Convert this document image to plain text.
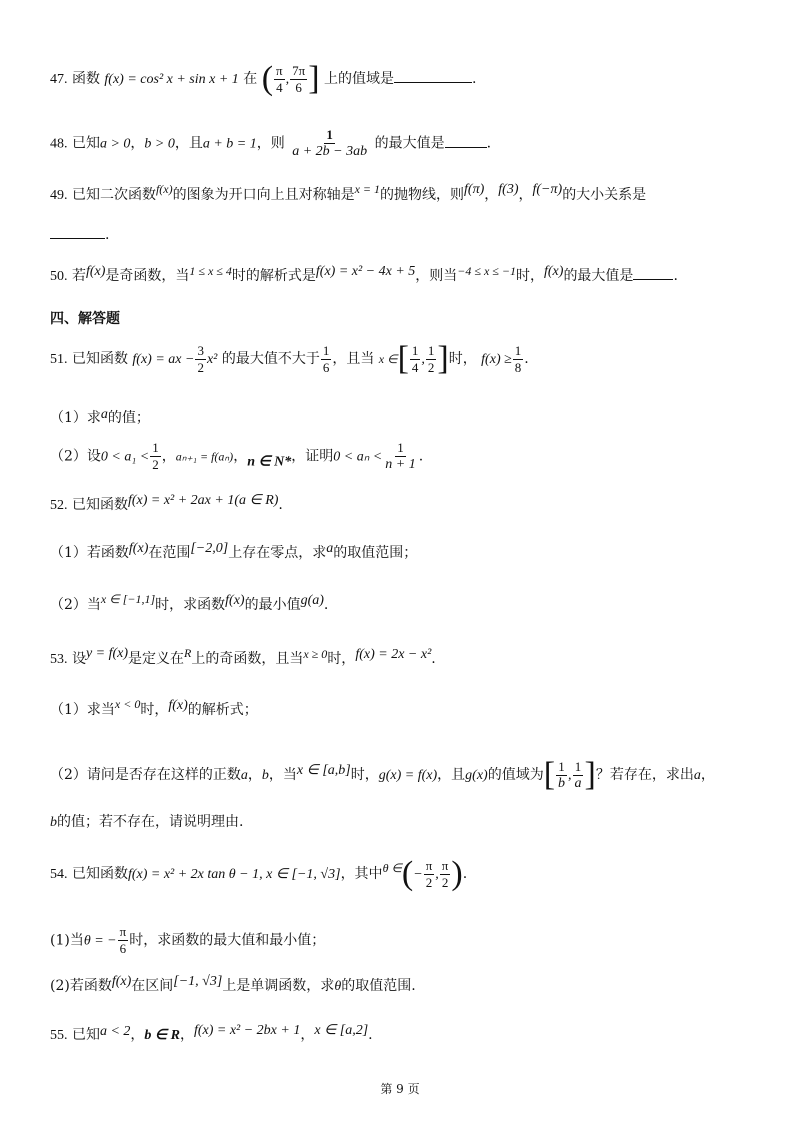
47. 函数 f(x) = cos² x + sin x + 1 在 ( $\frac{\pi}{4}$ , $\frac{7\pi}{6}$ ] 上的值域是	.
48. 已知a > 0，b > 0，且a + b = 1，则 $\frac{1}{a + 2b - 3ab}$ 的最大值是	.
49. 已知二次函数f(x)的图象为开口向上且对称轴是x = 1的抛物线，则f(π)，f(3)，f(−π)的大小关系是
.
50. 若f(x)是奇函数，当1 ≤ x ≤ 4时的解析式是f(x) = x² − 4x + 5，则当−4 ≤ x ≤ −1时，f(x)的最大值是	.
四、解答题
51. 已知函数 f(x) = ax − $\frac{3}{2} x^2$ 的最大值不大于 $\frac{1}{6}$ ，且当 x ∈[ $\frac{1}{4}$ , $\frac{1}{2}$ ]时， $f(x) \ge \frac{1}{8}$ .
（1）求a的值；
（2）设$0 < a_1 < \frac{1}{2}$ ，aₙ₊₁ = f(aₙ)，n ∈ N*，证明$0 < a_n < \frac{1}{n + 1}$ .
52. 已知函数f(x) = x² + 2ax + 1(a ∈ R).
（1）若函数f(x)在范围[−2,0]上存在零点，求a的取值范围；
（2）当x ∈ [−1,1]时，求函数f(x)的最小值g(a).
53. 设y = f(x)是定义在R上的奇函数，且当x ≥ 0时，f(x) = 2x − x².
（1）求当x < 0时，f(x)的解析式；
（2）请问是否存在这样的正数a，b，当x ∈ [a,b]时，g(x) = f(x)，且g(x)的值域为[ $\frac{1}{b}$ , $\frac{1}{a}$ ]？若存在，求出a，
b的值；若不存在，请说明理由.
54. 已知函数f(x) = x² + 2x tan θ − 1, x ∈ [−1, √3]，其中θ ∈(− $\frac{\pi}{2}$ , $\frac{\pi}{2}$ ).
(1)当θ = − $\frac{\pi}{6}$ 时，求函数的最大值和最小值；
(2)若函数f(x)在区间[−1, √3]上是单调函数，求θ的取值范围.
55. 已知a < 2，b ∈ R，f(x) = x² − 2bx + 1，x ∈ [a,2].
第 9 页
